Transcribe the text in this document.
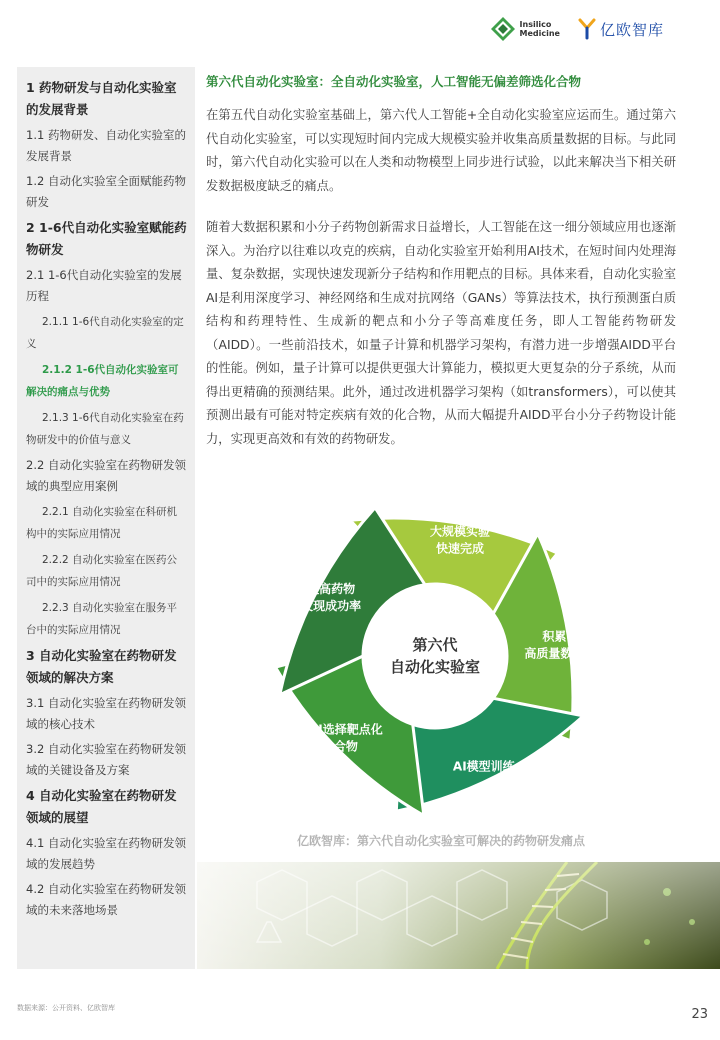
Insilico
Medicine	亿欧智库
1 药物研发与自动化实验室的发展背景
1.1 药物研发、自动化实验室的发展背景
1.2 自动化实验室全面赋能药物研发
2 1-6代自动化实验室赋能药物研发
2.1 1-6代自动化实验室的发展历程
2.1.1 1-6代自动化实验室的定义
2.1.2 1-6代自动化实验室可解决的痛点与优势
2.1.3 1-6代自动化实验室在药物研发中的价值与意义
2.2 自动化实验室在药物研发领域的典型应用案例
2.2.1 自动化实验室在科研机构中的实际应用情况
2.2.2 自动化实验室在医药公司中的实际应用情况
2.2.3 自动化实验室在服务平台中的实际应用情况
3 自动化实验室在药物研发领域的解决方案
3.1 自动化实验室在药物研发领域的核心技术
3.2 自动化实验室在药物研发领域的关键设备及方案
4 自动化实验室在药物研发领域的展望
4.1 自动化实验室在药物研发领域的发展趋势
4.2 自动化实验室在药物研发领域的未来落地场景
第六代自动化实验室：全自动化实验室，人工智能无偏差筛选化合物

在第五代自动化实验室基础上，第六代人工智能+全自动化实验室应运而生。通过第六代自动化实验室，可以实现短时间内完成大规模实验并收集高质量数据的目标。与此同时，第六代自动化实验可以在人类和动物模型上同步进行试验，以此来解决当下相关研发数据极度缺乏的痛点。

随着大数据积累和小分子药物创新需求日益增长，人工智能在这一细分领域应用也逐渐深入。为治疗以往难以攻克的疾病，自动化实验室开始利用AI技术，在短时间内处理海量、复杂数据，实现快速发现新分子结构和作用靶点的目标。具体来看，自动化实验室AI是利用深度学习、神经网络和生成对抗网络（GANs）等算法技术，执行预测蛋白质结构和药理特性、生成新的靶点和小分子等高难度任务，即人工智能药物研发（AIDD）。一些前沿技术，如量子计算和机器学习架构，有潜力进一步增强AIDD平台的性能。例如，量子计算可以提供更强大计算能力，模拟更大更复杂的分子系统，从而得出更精确的预测结果。此外，通过改进机器学习架构（如transformers），可以使其预测出最有可能对特定疾病有效的化合物，从而大幅提升AIDD平台小分子药物设计能力，实现更高效和有效的药物研发。

第六代
自动化实验室
大规模实验
快速完成
积累
高质量数据
AI模型训练
AI选择靶点化
合物
提高药物
发现成功率
亿欧智库：第六代自动化实验室可解决的药物研发痛点
数据来源：公开资料、亿欧智库	23
